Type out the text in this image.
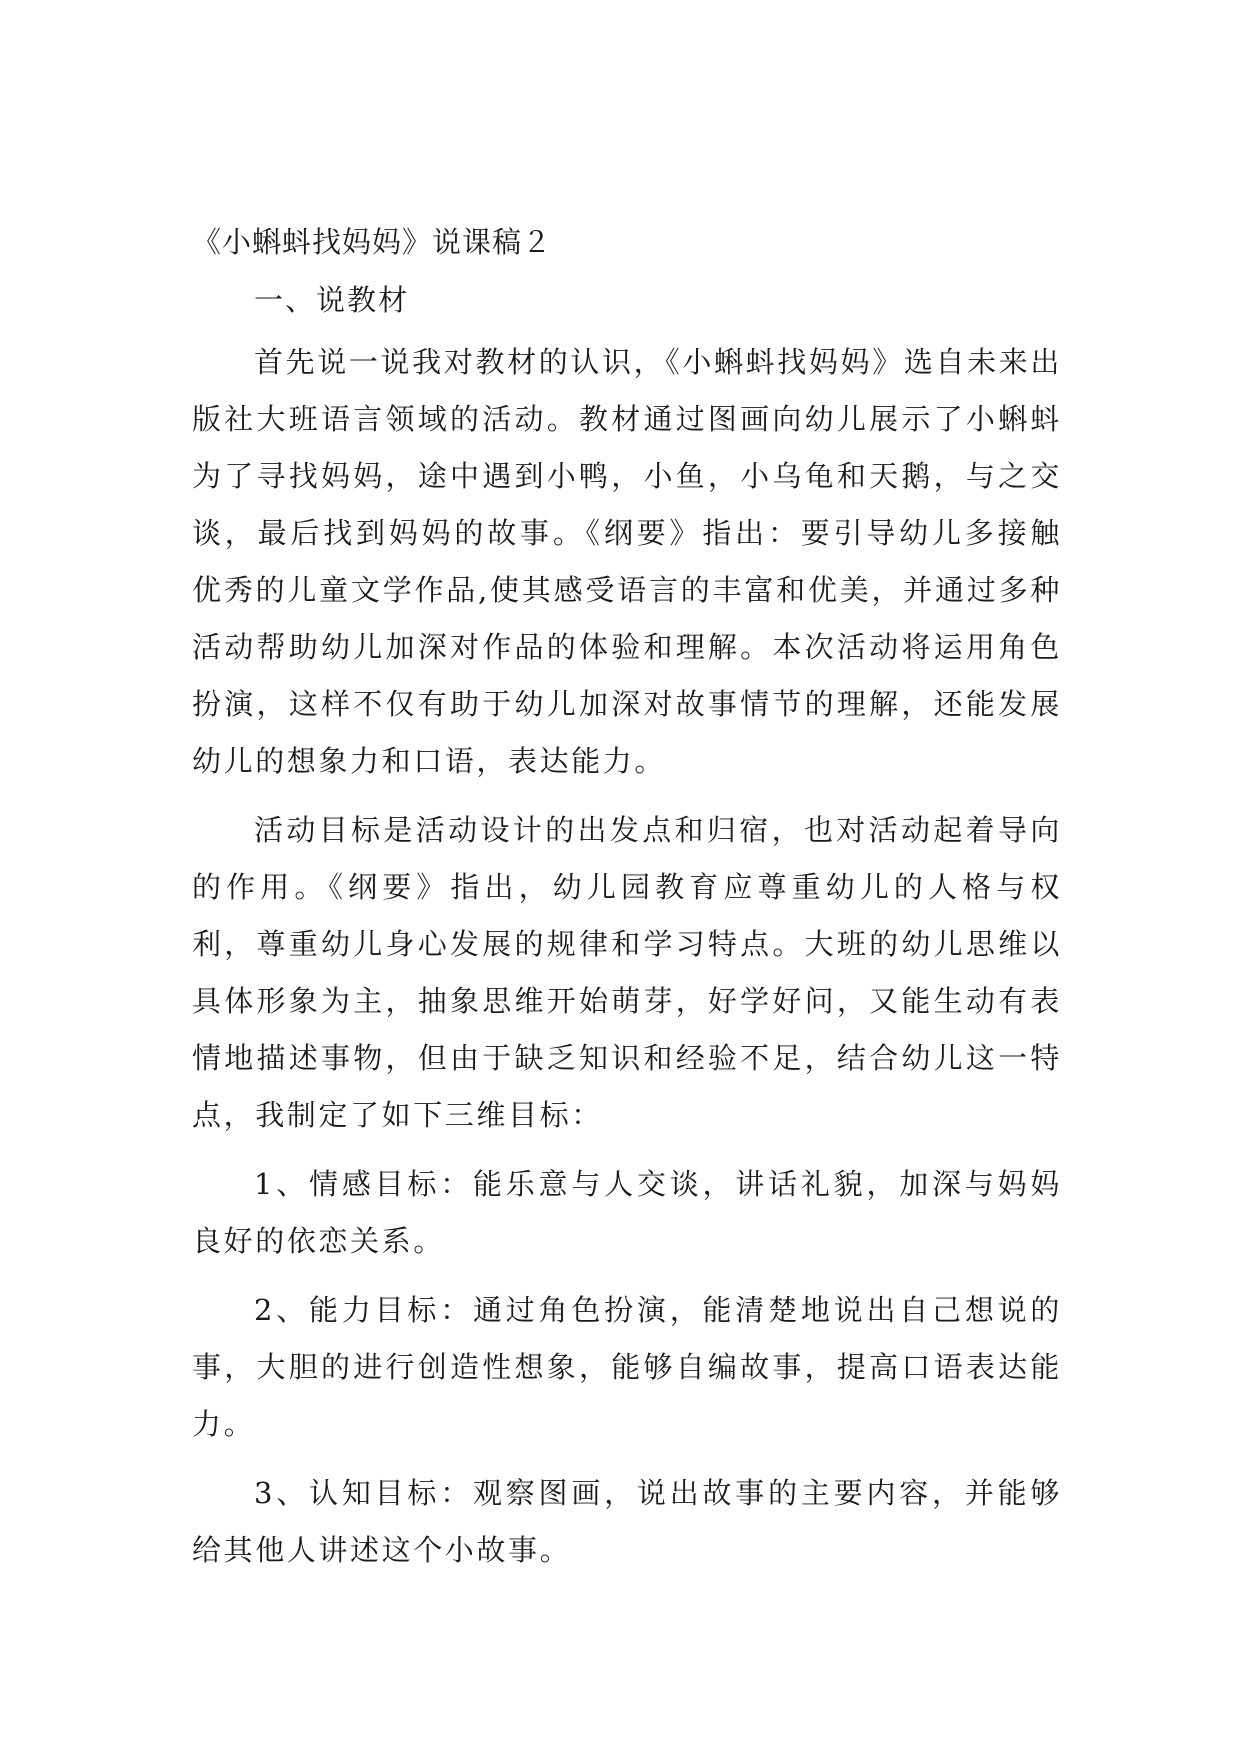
《小蝌蚪找妈妈》说课稿２
一、说教材

首先说一说我对教材的认识，《小蝌蚪找妈妈》选自未来出版社大班语言领域的活动。教材通过图画向幼儿展示了小蝌蚪为了寻找妈妈，途中遇到小鸭，小鱼，小乌龟和天鹅，与之交谈，最后找到妈妈的故事。《纲要》指出：要引导幼儿多接触优秀的儿童文学作品,使其感受语言的丰富和优美，并通过多种活动帮助幼儿加深对作品的体验和理解。本次活动将运用角色扮演，这样不仅有助于幼儿加深对故事情节的理解，还能发展幼儿的想象力和口语，表达能力。

活动目标是活动设计的出发点和归宿，也对活动起着导向的作用。《纲要》指出，幼儿园教育应尊重幼儿的人格与权利，尊重幼儿身心发展的规律和学习特点。大班的幼儿思维以具体形象为主，抽象思维开始萌芽，好学好问，又能生动有表情地描述事物，但由于缺乏知识和经验不足，结合幼儿这一特点，我制定了如下三维目标：

1、情感目标：能乐意与人交谈，讲话礼貌，加深与妈妈良好的依恋关系。

2、能力目标：通过角色扮演，能清楚地说出自己想说的事，大胆的进行创造性想象，能够自编故事，提高口语表达能力。

3、认知目标：观察图画，说出故事的主要内容，并能够给其他人讲述这个小故事。
